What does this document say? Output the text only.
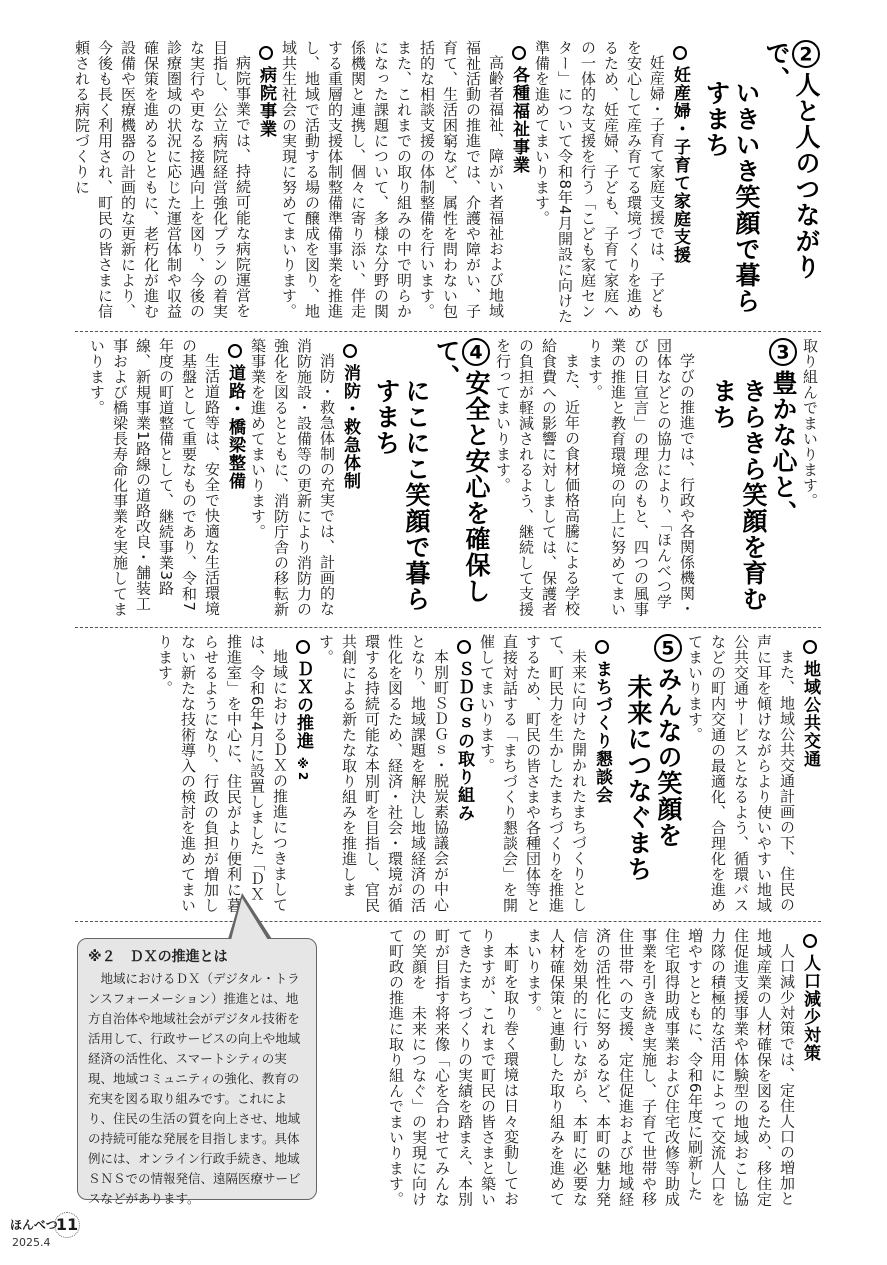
2人と人のつながりで、
いきいき笑顔で暮らすまち
妊産婦・子育て家庭支援

妊産婦・子育て家庭支援では、子どもを安心して産み育てる環境づくりを進めるため、妊産婦、子ども、子育て家庭への一体的な支援を行う「こども家庭センター」について令和8年4月開設に向けた準備を進めてまいります。

各種福祉事業

高齢者福祉、障がい者福祉および地域福祉活動の推進では、介護や障がい、子育て、生活困窮など、属性を問わない包括的な相談支援の体制整備を行います。また、これまでの取り組みの中で明らかになった課題について、多様な分野の関係機関と連携し、個々に寄り添い、伴走する重層的支援体制整備準備事業を推進し、地域で活動する場の醸成を図り、地域共生社会の実現に努めてまいります。

病院事業

病院事業では、持続可能な病院運営を目指し、公立病院経営強化プランの着実な実行や更なる接遇向上を図り、今後の診療圏域の状況に応じた運営体制や収益確保策を進めるとともに、老朽化が進む設備や医療機器の計画的な更新により、今後も長く利用され、町民の皆さまに信頼される病院づくりに

取り組んでまいります。

3豊かな心と、
きらきら笑顔を育むまち

学びの推進では、行政や各関係機関・団体などとの協力により、「ほんべつ学びの日宣言」の理念のもと、四つの風事業の推進と教育環境の向上に努めてまいります。

また、近年の食材価格高騰による学校給食費への影響に対しましては、保護者の負担が軽減されるよう、継続して支援を行ってまいります。

4安全と安心を確保して、
にこにこ笑顔で暮らすまち
消防・救急体制

消防・救急体制の充実では、計画的な消防施設・設備等の更新により消防力の強化を図るとともに、消防庁舎の移転新築事業を進めてまいります。

道路・橋梁整備

生活道路等は、安全で快適な生活環境の基盤として重要なものであり、令和7年度の町道整備として、継続事業3路線、新規事業1路線の道路改良・舗装工事および橋梁長寿命化事業を実施してまいります。

地域公共交通

また、地域公共交通計画の下、住民の声に耳を傾けながらより使いやすい地域公共交通サービスとなるよう、循環バスなどの町内交通の最適化、合理化を進めてまいります。

5みんなの笑顔を
未来につなぐまち
まちづくり懇談会

未来に向けた開かれたまちづくりとして、町民力を生かしたまちづくりを推進するため、町民の皆さまや各種団体等と直接対話する「まちづくり懇談会」を開催してまいります。

ＳＤＧｓの取り組み

本別町ＳＤＧｓ・脱炭素協議会が中心となり、地域課題を解決し地域経済の活性化を図るため、経済・社会・環境が循環する持続可能な本別町を目指し、官民共創による新たな取り組みを推進します。

ＤＸの推進 ※2

地域におけるＤＸの推進につきましては、令和6年4月に設置しました「ＤＸ推進室」を中心に、住民がより便利に暮らせるようになり、行政の負担が増加しない新たな技術導入の検討を進めてまいります。

人口減少対策

人口減少対策では、定住人口の増加と地域産業の人材確保を図るため、移住定住促進支援事業や体験型の地域おこし協力隊の積極的な活用によって交流人口を増やすとともに、令和6年度に刷新した住宅取得助成事業および住宅改修等助成事業を引き続き実施し、子育て世帯や移住世帯への支援、定住促進および地域経済の活性化に努めるなど、本町の魅力発信を効果的に行いながら、本町に必要な人材確保策と連動した取り組みを進めてまいります。

本町を取り巻く環境は日々変動しておりますが、これまで町民の皆さまと築いてきたまちづくりの実績を踏まえ、本別町が目指す将来像「心を合わせてみんなの笑顔を　未来につなぐ」の実現に向けて町政の推進に取り組んでまいります。

※２　ＤＸの推進とは

地域におけるＤＸ（デジタル・トランスフォーメーション）推進とは、地方自治体や地域社会がデジタル技術を活用して、行政サービスの向上や地域経済の活性化、スマートシティの実現、地域コミュニティの強化、教育の充実を図る取り組みです。これにより、住民の生活の質を向上させ、地域の持続可能な発展を目指します。具体例には、オンライン行政手続き、地域ＳＮＳでの情報発信、遠隔医療サービスなどがあります。

ほんべつ
11
2025.4
